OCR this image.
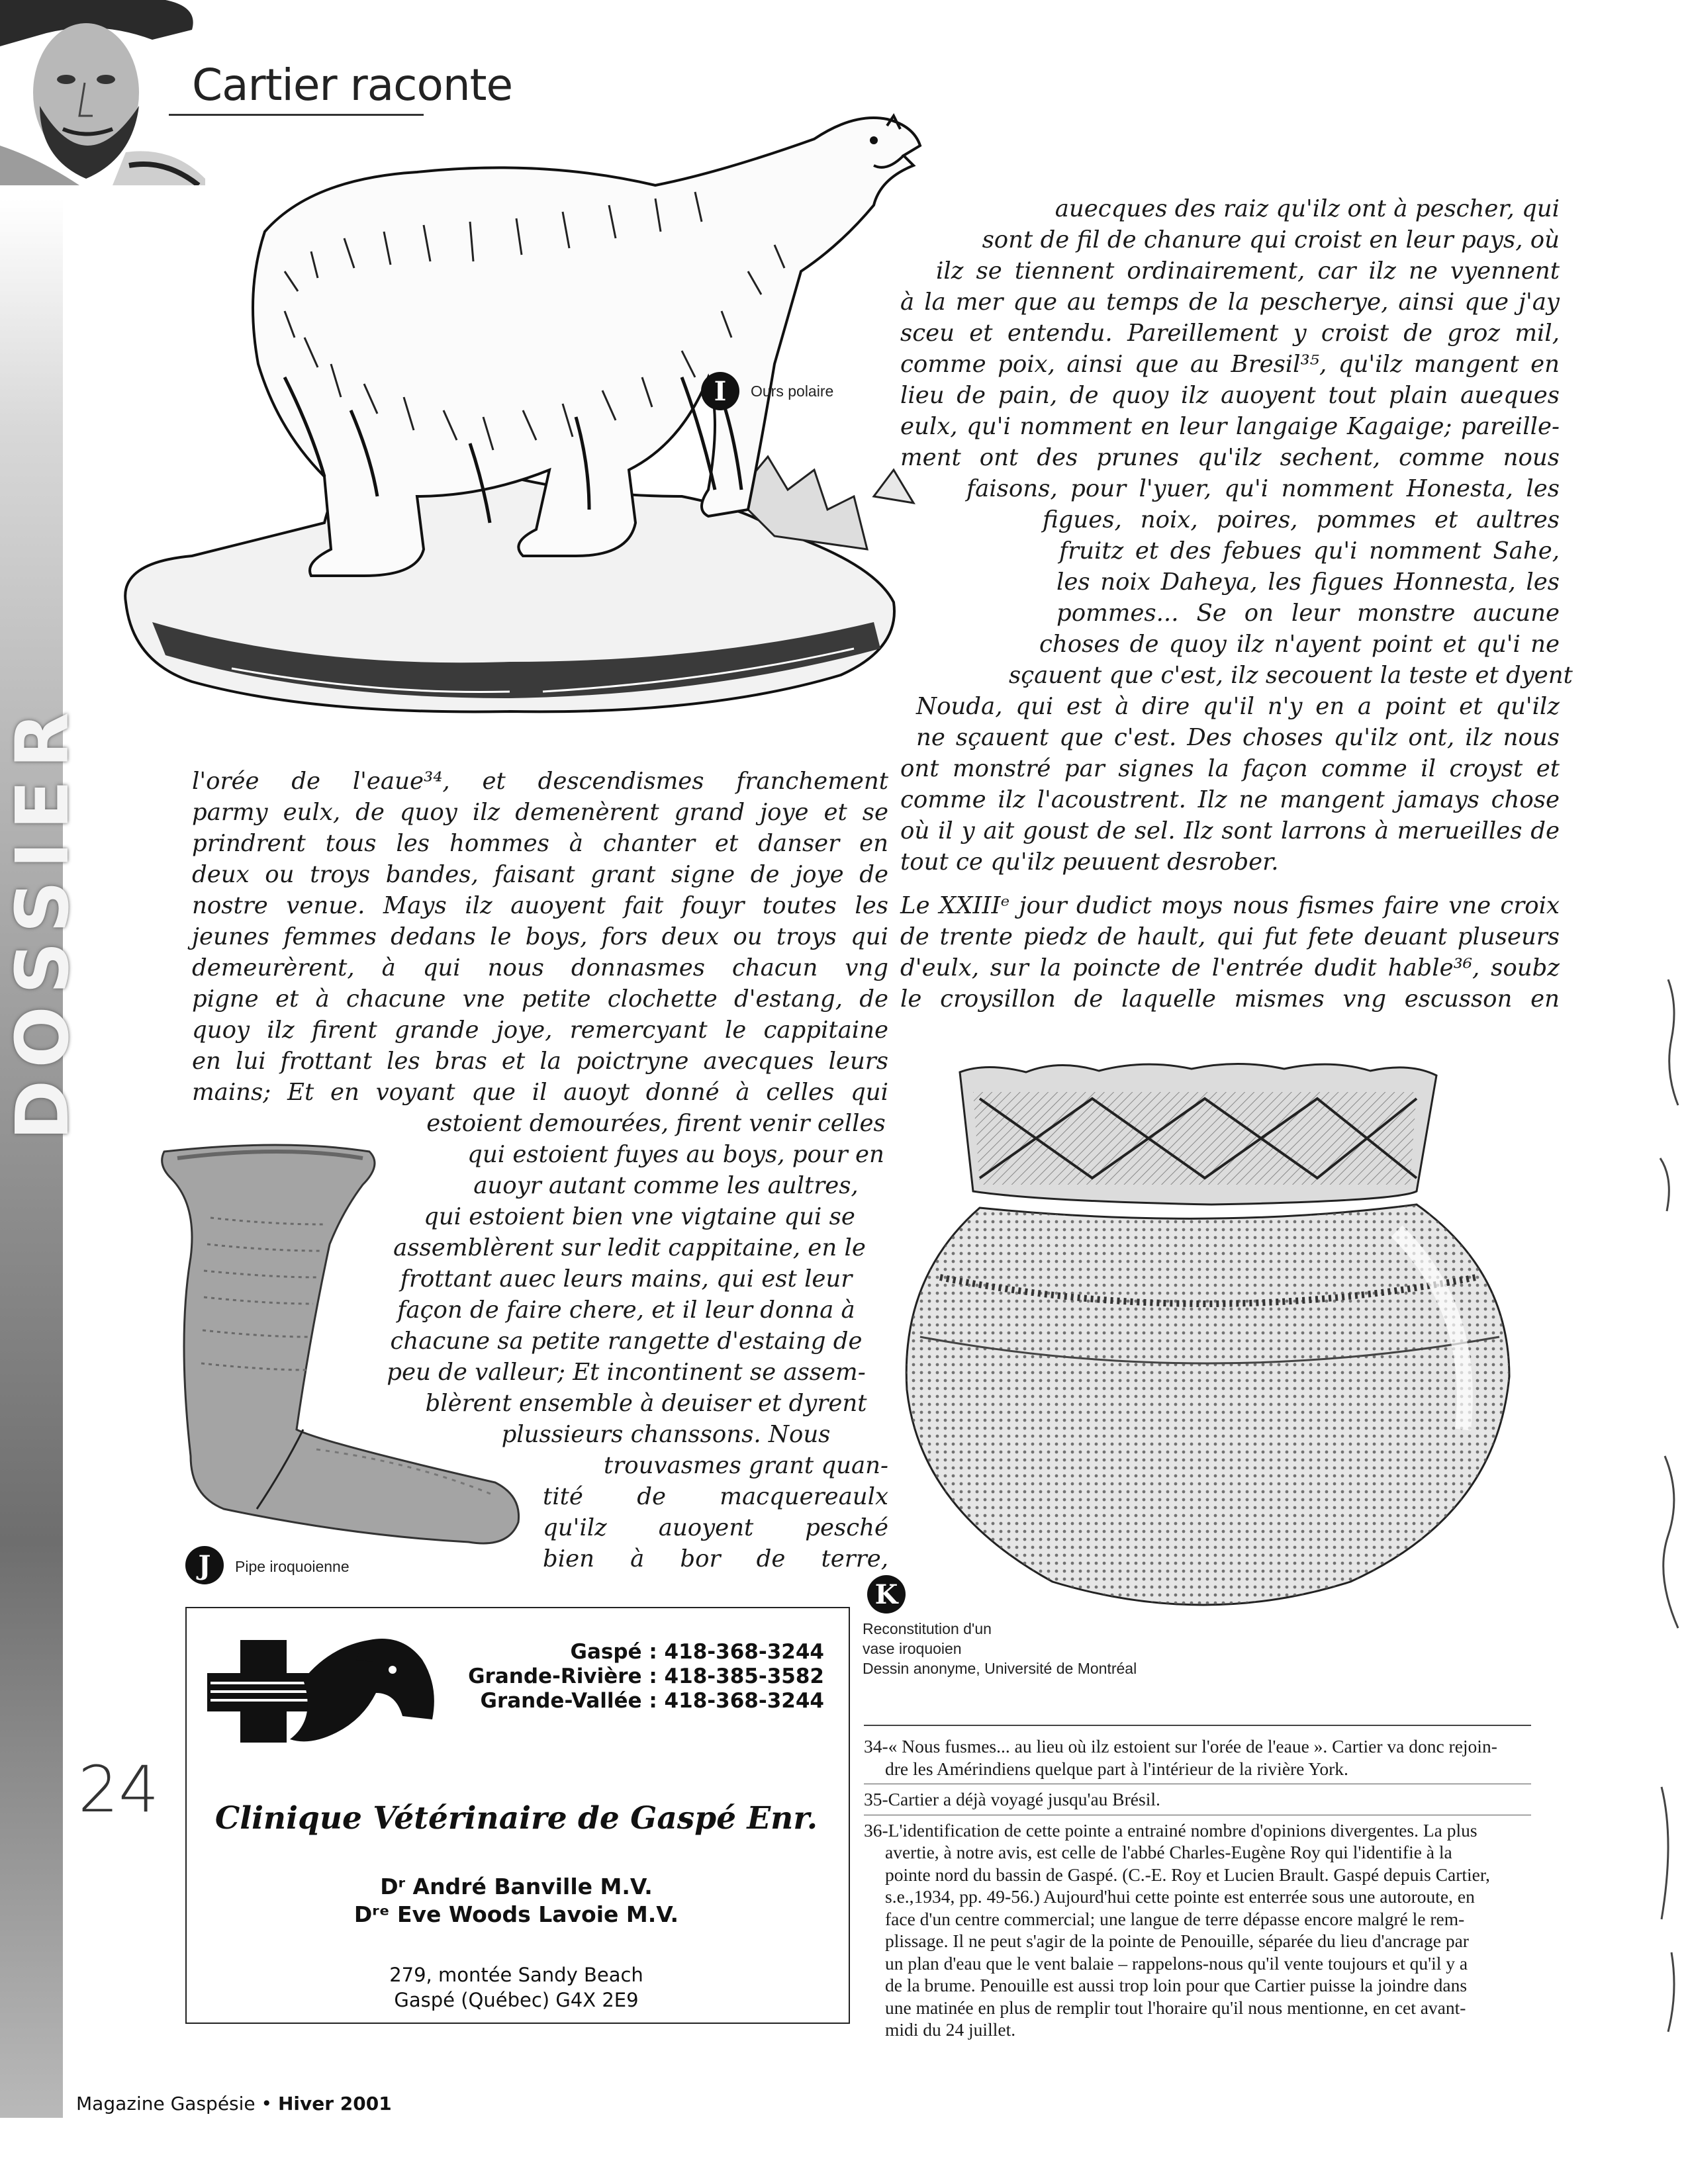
DOSSIER
Cartier raconte
I	Ours polaire
auecques des raiz qu'ilz ont à pescher, qui
sont de fil de chanure qui croist en leur pays, où
ilz se tiennent ordinairement, car ilz ne vyennent
à la mer que au temps de la pescherye, ainsi que j'ay
sceu et entendu. Pareillement y croist de groz mil,
comme poix, ainsi que au Bresil³⁵, qu'ilz mangent en
lieu de pain, de quoy ilz auoyent tout plain aueques
eulx, qu'i nomment en leur langaige Kagaige; pareille-
ment ont des prunes qu'ilz sechent, comme nous
faisons, pour l'yuer, qu'i nomment Honesta, les
figues, noix, poires, pommes et aultres
fruitz et des febues qu'i nomment Sahe,
les noix Daheya, les figues Honnesta, les
pommes... Se on leur monstre aucune
choses de quoy ilz n'ayent point et qu'i ne
sçauent que c'est, ilz secouent la teste et dyent
Nouda, qui est à dire qu'il n'y en a point et qu'ilz
ne sçauent que c'est. Des choses qu'ilz ont, ilz nous
ont monstré par signes la façon comme il croyst et
comme ilz l'acoustrent. Ilz ne mangent jamays chose
où il y ait goust de sel. Ilz sont larrons à merueilles de
tout ce qu'ilz peuuent desrober.
Le XXIIIᵉ jour dudict moys nous fismes faire vne croix
de trente piedz de hault, qui fut fete deuant pluseurs
d'eulx, sur la poincte de l'entrée dudit hable³⁶, soubz
le croysillon de laquelle mismes vng escusson en
l'orée de l'eaue³⁴, et descendismes franchement
parmy eulx, de quoy ilz demenèrent grand joye et se
prindrent tous les hommes à chanter et danser en
deux ou troys bandes, faisant grant signe de joye de
nostre venue. Mays ilz auoyent fait fouyr toutes les
jeunes femmes dedans le boys, fors deux ou troys qui
demeurèrent, à qui nous donnasmes chacun vng
pigne et à chacune vne petite clochette d'estang, de
quoy ilz firent grande joye, remercyant le cappitaine
en lui frottant les bras et la poictryne avecques leurs
mains; Et en voyant que il auoyt donné à celles qui
estoient demourées, firent venir celles
qui estoient fuyes au boys, pour en
auoyr autant comme les aultres,
qui estoient bien vne vigtaine qui se
assemblèrent sur ledit cappitaine, en le
frottant auec leurs mains, qui est leur
façon de faire chere, et il leur donna à
chacune sa petite rangette d'estaing de
peu de valleur; Et incontinent se assem-
blèrent ensemble à deuiser et dyrent
plussieurs chanssons. Nous
trouvasmes grant quan-
tité de macquereaulx
qu'ilz auoyent pesché
bien à bor de terre,
J	Pipe iroquoienne
K
Reconstitution d'un
vase iroquoien
Dessin anonyme, Université de Montréal
Gaspé : 418-368-3244
Grande-Rivière : 418-385-3582
Grande-Vallée : 418-368-3244
Clinique Vétérinaire de Gaspé Enr.
Dʳ André Banville M.V.
Dʳᵉ Eve Woods Lavoie M.V.
279, montée Sandy Beach
Gaspé (Québec) G4X 2E9
34-« Nous fusmes... au lieu où ilz estoient sur l'orée de l'eaue ». Cartier va donc rejoin-
dre les Amérindiens quelque part à l'intérieur de la rivière York.
35-Cartier a déjà voyagé jusqu'au Brésil.
36-L'identification de cette pointe a entrainé nombre d'opinions divergentes. La plus
avertie, à notre avis, est celle de l'abbé Charles-Eugène Roy qui l'identifie à la
pointe nord du bassin de Gaspé. (C.-E. Roy et Lucien Brault. Gaspé depuis Cartier,
s.e.,1934, pp. 49-56.) Aujourd'hui cette pointe est enterrée sous une autoroute, en
face d'un centre commercial; une langue de terre dépasse encore malgré le rem-
plissage. Il ne peut s'agir de la pointe de Penouille, séparée du lieu d'ancrage par
un plan d'eau que le vent balaie – rappelons-nous qu'il vente toujours et qu'il y a
de la brume. Penouille est aussi trop loin pour que Cartier puisse la joindre dans
une matinée en plus de remplir tout l'horaire qu'il nous mentionne, en cet avant-
midi du 24 juillet.
24
Magazine Gaspésie • Hiver 2001
